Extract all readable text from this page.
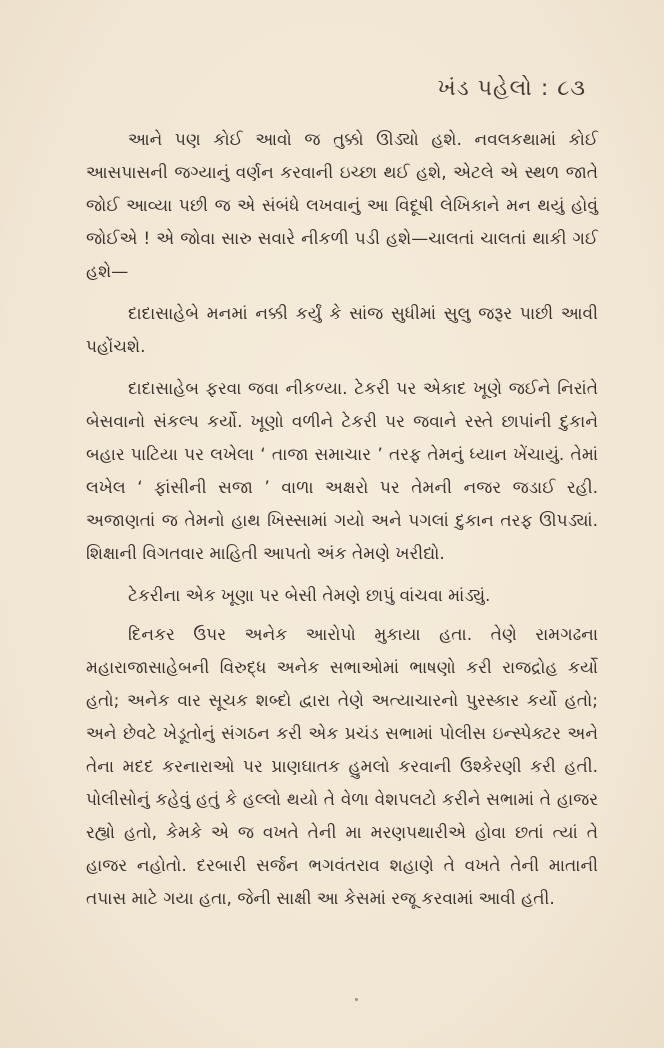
ખંડ પહેલો : ૮૩

આને પણ કોઈ આવો જ તુક્કો ઊડ્યો હશે. નવલકથામાં કોઈ આસપાસની જગ્યાનું વર્ણન કરવાની ઇચ્છા થઈ હશે, એટલે એ સ્થળ જાતે જોઈ આવ્યા પછી જ એ સંબંધે લખવાનું આ વિદૂષી લેખિકાને મન થયું હોવું જોઈએ ! એ જોવા સારુ સવારે નીકળી પડી હશે—ચાલતાં ચાલતાં થાકી ગઈ હશે—

દાદાસાહેબે મનમાં નક્કી કર્યું કે સાંજ સુધીમાં સુલુ જરૂર પાછી આવી પહોંચશે.

દાદાસાહેબ ફરવા જવા નીકળ્યા. ટેકરી પર એકાદ ખૂણે જઈને નિરાંતે બેસવાનો સંકલ્પ કર્યો. ખૂણો વળીને ટેકરી પર જવાને રસ્તે છાપાંની દુકાને બહાર પાટિયા પર લખેલા ‘ તાજા સમાચાર ’ તરફ તેમનું ધ્યાન ખેંચાયું. તેમાં લખેલ ‘ ફાંસીની સજા ’ વાળા અક્ષરો પર તેમની નજર જડાઈ રહી. અજાણતાં જ તેમનો હાથ ખિસ્સામાં ગયો અને પગલાં દુકાન તરફ ઊપડ્યાં. શિક્ષાની વિગતવાર માહિતી આપતો અંક તેમણે ખરીદ્યો.

ટેકરીના એક ખૂણા પર બેસી તેમણે છાપું વાંચવા માંડ્યું.

દિનકર ઉપર અનેક આરોપો મુકાયા હતા. તેણે રામગઢના મહારાજાસાહેબની વિરુદ્ધ અનેક સભાઓમાં ભાષણો કરી રાજદ્રોહ કર્યો હતો; અનેક વાર સૂચક શબ્દો દ્વારા તેણે અત્યાચારનો પુરસ્કાર કર્યો હતો; અને છેવટે ખેડૂતોનું સંગઠન કરી એક પ્રચંડ સભામાં પોલીસ ઇન્સ્પેક્ટર અને તેના મદદ કરનારાઓ પર પ્રાણઘાતક હુમલો કરવાની ઉશ્કેરણી કરી હતી. પોલીસોનું કહેવું હતું કે હલ્લો થયો તે વેળા વેશપલટો કરીને સભામાં તે હાજર રહ્યો હતો, કેમકે એ જ વખતે તેની મા મરણપથારીએ હોવા છતાં ત્યાં તે હાજર નહોતો. દરબારી સર્જન ભગવંતરાવ શહાણે તે વખતે તેની માતાની તપાસ માટે ગયા હતા, જેની સાક્ષી આ કેસમાં રજૂ કરવામાં આવી હતી.
